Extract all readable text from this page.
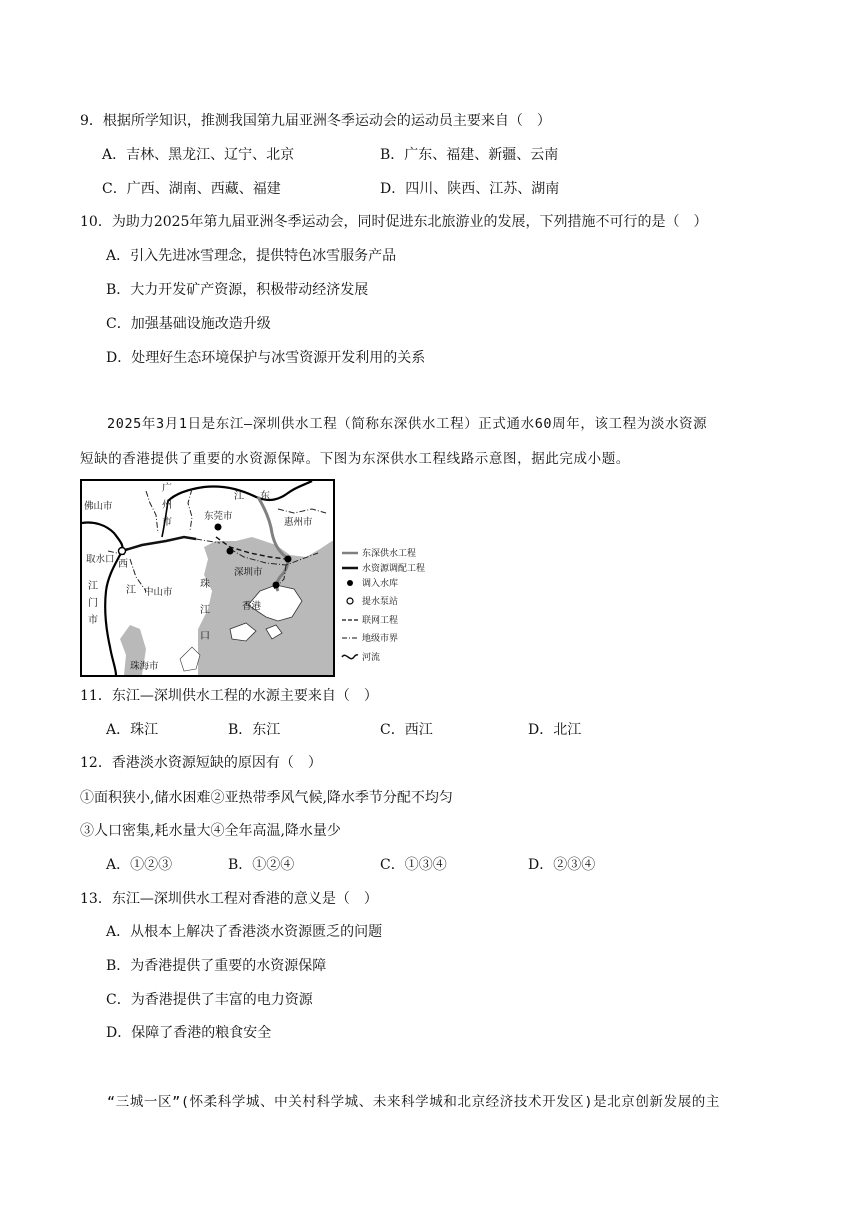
9．根据所学知识，推测我国第九届亚洲冬季运动会的运动员主要来自（　）
A．吉林、黑龙江、辽宁、北京	B．广东、福建、新疆、云南
C．广西、湖南、西藏、福建	D．四川、陕西、江苏、湖南
10．为助力2025年第九届亚洲冬季运动会，同时促进东北旅游业的发展，下列措施不可行的是（　）
A．引入先进冰雪理念，提供特色冰雪服务产品
B．大力开发矿产资源，积极带动经济发展
C．加强基础设施改造升级
D．处理好生态环境保护与冰雪资源开发利用的关系
2025年3月1日是东江—深圳供水工程（简称东深供水工程）正式通水60周年，该工程为淡水资源
短缺的香港提供了重要的水资源保障。下图为东深供水工程线路示意图，据此完成小题。
佛山市
广
州
市
东莞市
惠州市
取水口
深圳市
香港
中山市
珠海市
江
门
市
西
江
珠
江
口
江 东
东深供水工程
水资源调配工程
调入水库
提水泵站
联网工程
地级市界
河流
11．东江—深圳供水工程的水源主要来自（　）
A．珠江	B．东江	C．西江	D．北江
12．香港淡水资源短缺的原因有（　）
①面积狭小,储水困难②亚热带季风气候,降水季节分配不均匀
③人口密集,耗水量大④全年高温,降水量少
A．①②③	B．①②④	C．①③④	D．②③④
13．东江—深圳供水工程对香港的意义是（　）
A．从根本上解决了香港淡水资源匮乏的问题
B．为香港提供了重要的水资源保障
C．为香港提供了丰富的电力资源
D．保障了香港的粮食安全
“三城一区”(怀柔科学城、中关村科学城、未来科学城和北京经济技术开发区)是北京创新发展的主
